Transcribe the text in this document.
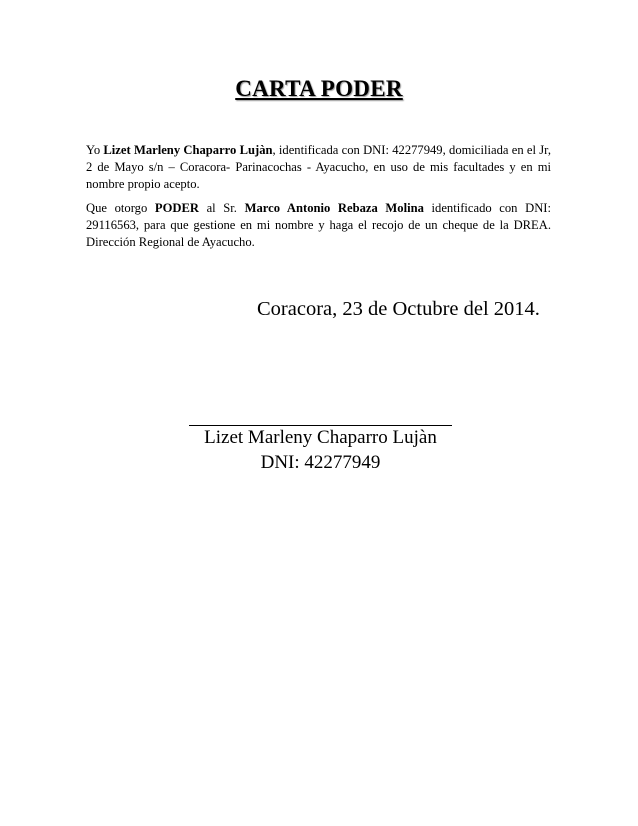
CARTA PODER

Yo Lizet Marleny Chaparro Lujàn, identificada con DNI: 42277949, domiciliada en el Jr, 2 de Mayo s/n – Coracora- Parinacochas - Ayacucho, en uso de mis facultades y en mi nombre propio acepto.

Que otorgo PODER al Sr. Marco Antonio Rebaza Molina identificado con DNI: 29116563, para que gestione en mi nombre y haga el recojo de un cheque de la DREA. Dirección Regional de Ayacucho.

Coracora, 23 de Octubre del 2014.
Lizet Marleny Chaparro Lujàn
DNI: 42277949
